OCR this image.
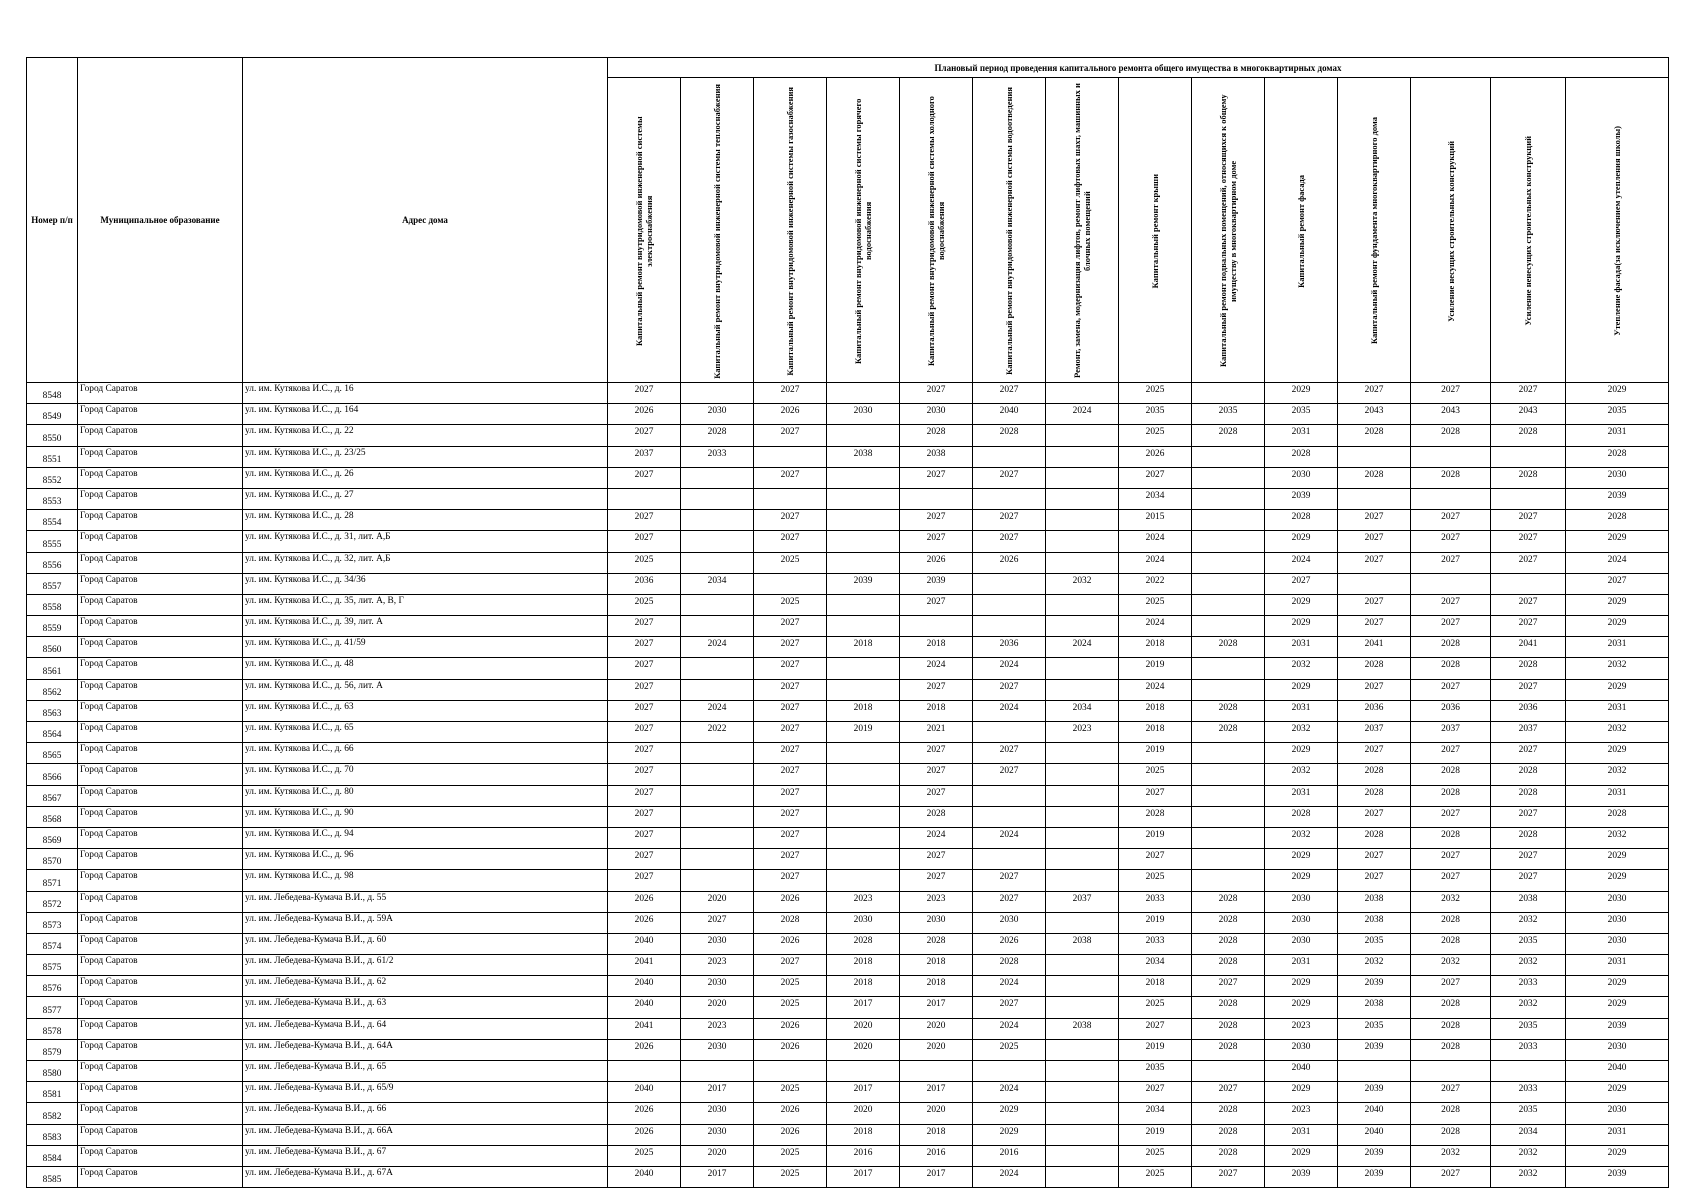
Номер п/п	Муниципальное образование	Адрес дома	Плановый период проведения капитального ремонта общего имущества в многоквартирных домах													
			Капитальный ремонт внутридомовой инженерной системы электроснабжения	Капитальный ремонт внутридомовой инженерной системы теплоснабжения	Капитальный ремонт внутридомовой инженерной системы газоснабжения	Капитальный ремонт внутридомовой инженерной системы горячего водоснабжения	Капитальный ремонт внутридомовой инженерной системы холодного водоснабжения	Капитальный ремонт внутридомовой инженерной системы водоотведения	Ремонт, замена, модернизация лифтов, ремонт лифтовых шахт, машинных и блочных помещений	Капитальный ремонт крыши	Капитальный ремонт подвальных помещений, относящихся к общему имуществу в многоквартирном доме	Капитальный ремонт фасада	Капитальный ремонт фундамента многоквартирного дома	Усиление несущих строительных конструкций	Усиление ненесущих строительных конструкций	Утепление фасада(за исключением утепления школы)
8548	Город Саратов	ул. им. Кутякова И.С., д. 16	2027		2027		2027	2027		2025		2029	2027	2027	2027	2029
8549	Город Саратов	ул. им. Кутякова И.С., д. 164	2026	2030	2026	2030	2030	2040	2024	2035	2035	2035	2043	2043	2043	2035
8550	Город Саратов	ул. им. Кутякова И.С., д. 22	2027	2028	2027		2028	2028		2025	2028	2031	2028	2028	2028	2031
8551	Город Саратов	ул. им. Кутякова И.С., д. 23/25	2037	2033		2038	2038			2026		2028				2028
8552	Город Саратов	ул. им. Кутякова И.С., д. 26	2027		2027		2027	2027		2027		2030	2028	2028	2028	2030
8553	Город Саратов	ул. им. Кутякова И.С., д. 27								2034		2039				2039
8554	Город Саратов	ул. им. Кутякова И.С., д. 28	2027		2027		2027	2027		2015		2028	2027	2027	2027	2028
8555	Город Саратов	ул. им. Кутякова И.С., д. 31, лит. А,Б	2027		2027		2027	2027		2024		2029	2027	2027	2027	2029
8556	Город Саратов	ул. им. Кутякова И.С., д. 32, лит. А,Б	2025		2025		2026	2026		2024		2024	2027	2027	2027	2024
8557	Город Саратов	ул. им. Кутякова И.С., д. 34/36	2036	2034		2039	2039		2032	2022		2027				2027
8558	Город Саратов	ул. им. Кутякова И.С., д. 35, лит. А, В, Г	2025		2025		2027			2025		2029	2027	2027	2027	2029
8559	Город Саратов	ул. им. Кутякова И.С., д. 39, лит. А	2027		2027					2024		2029	2027	2027	2027	2029
8560	Город Саратов	ул. им. Кутякова И.С., д. 41/59	2027	2024	2027	2018	2018	2036	2024	2018	2028	2031	2041	2028	2041	2031
8561	Город Саратов	ул. им. Кутякова И.С., д. 48	2027		2027		2024	2024		2019		2032	2028	2028	2028	2032
8562	Город Саратов	ул. им. Кутякова И.С., д. 56, лит. А	2027		2027		2027	2027		2024		2029	2027	2027	2027	2029
8563	Город Саратов	ул. им. Кутякова И.С., д. 63	2027	2024	2027	2018	2018	2024	2034	2018	2028	2031	2036	2036	2036	2031
8564	Город Саратов	ул. им. Кутякова И.С., д. 65	2027	2022	2027	2019	2021		2023	2018	2028	2032	2037	2037	2037	2032
8565	Город Саратов	ул. им. Кутякова И.С., д. 66	2027		2027		2027	2027		2019		2029	2027	2027	2027	2029
8566	Город Саратов	ул. им. Кутякова И.С., д. 70	2027		2027		2027	2027		2025		2032	2028	2028	2028	2032
8567	Город Саратов	ул. им. Кутякова И.С., д. 80	2027		2027		2027			2027		2031	2028	2028	2028	2031
8568	Город Саратов	ул. им. Кутякова И.С., д. 90	2027		2027		2028			2028		2028	2027	2027	2027	2028
8569	Город Саратов	ул. им. Кутякова И.С., д. 94	2027		2027		2024	2024		2019		2032	2028	2028	2028	2032
8570	Город Саратов	ул. им. Кутякова И.С., д. 96	2027		2027		2027			2027		2029	2027	2027	2027	2029
8571	Город Саратов	ул. им. Кутякова И.С., д. 98	2027		2027		2027	2027		2025		2029	2027	2027	2027	2029
8572	Город Саратов	ул. им. Лебедева-Кумача В.И., д. 55	2026	2020	2026	2023	2023	2027	2037	2033	2028	2030	2038	2032	2038	2030
8573	Город Саратов	ул. им. Лебедева-Кумача В.И., д. 59А	2026	2027	2028	2030	2030	2030		2019	2028	2030	2038	2028	2032	2030
8574	Город Саратов	ул. им. Лебедева-Кумача В.И., д. 60	2040	2030	2026	2028	2028	2026	2038	2033	2028	2030	2035	2028	2035	2030
8575	Город Саратов	ул. им. Лебедева-Кумача В.И., д. 61/2	2041	2023	2027	2018	2018	2028		2034	2028	2031	2032	2032	2032	2031
8576	Город Саратов	ул. им. Лебедева-Кумача В.И., д. 62	2040	2030	2025	2018	2018	2024		2018	2027	2029	2039	2027	2033	2029
8577	Город Саратов	ул. им. Лебедева-Кумача В.И., д. 63	2040	2020	2025	2017	2017	2027		2025	2028	2029	2038	2028	2032	2029
8578	Город Саратов	ул. им. Лебедева-Кумача В.И., д. 64	2041	2023	2026	2020	2020	2024	2038	2027	2028	2023	2035	2028	2035	2039
8579	Город Саратов	ул. им. Лебедева-Кумача В.И., д. 64А	2026	2030	2026	2020	2020	2025		2019	2028	2030	2039	2028	2033	2030
8580	Город Саратов	ул. им. Лебедева-Кумача В.И., д. 65								2035		2040				2040
8581	Город Саратов	ул. им. Лебедева-Кумача В.И., д. 65/9	2040	2017	2025	2017	2017	2024		2027	2027	2029	2039	2027	2033	2029
8582	Город Саратов	ул. им. Лебедева-Кумача В.И., д. 66	2026	2030	2026	2020	2020	2029		2034	2028	2023	2040	2028	2035	2030
8583	Город Саратов	ул. им. Лебедева-Кумача В.И., д. 66А	2026	2030	2026	2018	2018	2029		2019	2028	2031	2040	2028	2034	2031
8584	Город Саратов	ул. им. Лебедева-Кумача В.И., д. 67	2025	2020	2025	2016	2016	2016		2025	2028	2029	2039	2032	2032	2029
8585	Город Саратов	ул. им. Лебедева-Кумача В.И., д. 67А	2040	2017	2025	2017	2017	2024		2025	2027	2039	2039	2027	2032	2039
